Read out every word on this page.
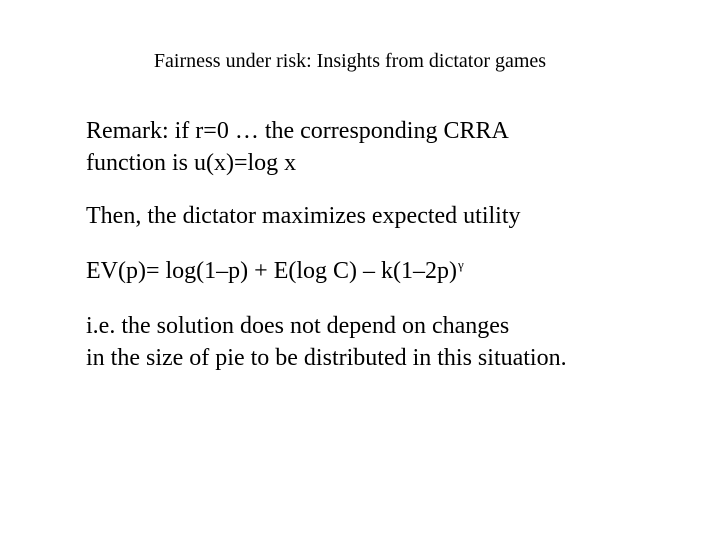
Fairness under risk: Insights from dictator games
Remark: if r=0 … the corresponding CRRA
function is u(x)=log x
Then, the dictator maximizes expected utility
EV(p)= log(1–p) + E(log $C) - k(1-2p)^\gamma$
i.e. the solution does not depend on changes
in the size of pie to be distributed in this situation.
